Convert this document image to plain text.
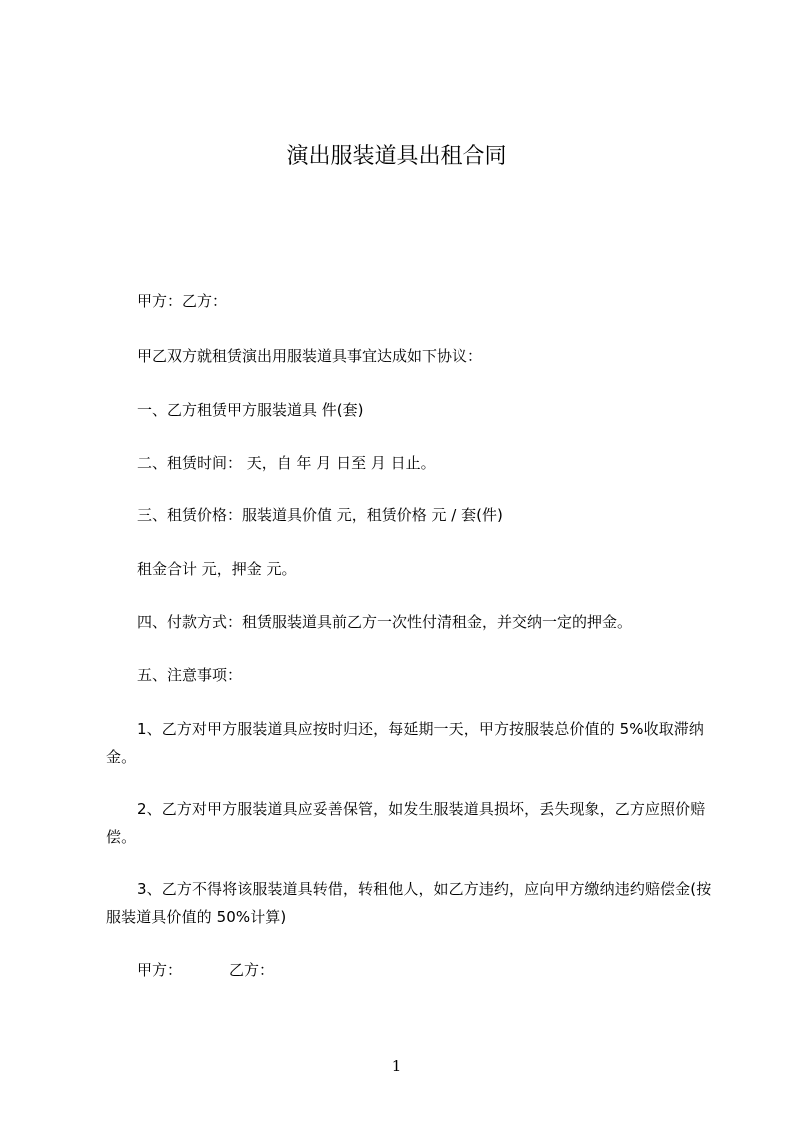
演出服装道具出租合同
甲方：乙方：
甲乙双方就租赁演出用服装道具事宜达成如下协议：
一、乙方租赁甲方服装道具 件(套)
二、租赁时间： 天，自 年 月 日至 月 日止。
三、租赁价格：服装道具价值 元，租赁价格 元 / 套(件)
租金合计 元，押金 元。
四、付款方式：租赁服装道具前乙方一次性付清租金，并交纳一定的押金。
五、注意事项：
1、乙方对甲方服装道具应按时归还，每延期一天，甲方按服装总价值的 5%收取滞纳金。
2、乙方对甲方服装道具应妥善保管，如发生服装道具损坏，丢失现象，乙方应照价赔偿。
3、乙方不得将该服装道具转借，转租他人，如乙方违约，应向甲方缴纳违约赔偿金(按服装道具价值的 50%计算)
甲方：	乙方：
1
